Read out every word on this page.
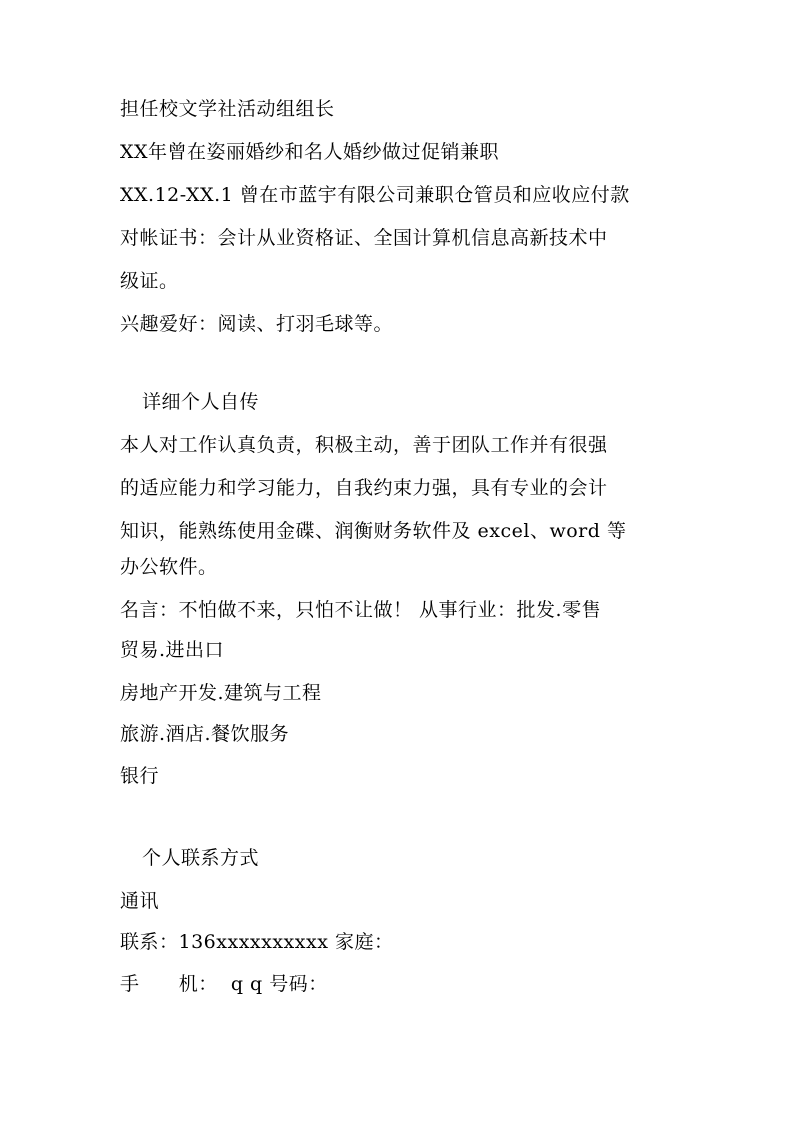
担任校文学社活动组组长
XX年曾在姿丽婚纱和名人婚纱做过促销兼职
XX.12-XX.1 曾在市蓝宇有限公司兼职仓管员和应收应付款
对帐证书：会计从业资格证、全国计算机信息高新技术中
级证。
兴趣爱好：阅读、打羽毛球等。
详细个人自传
本人对工作认真负责，积极主动，善于团队工作并有很强
的适应能力和学习能力，自我约束力强，具有专业的会计
知识，能熟练使用金碟、润衡财务软件及 excel、word 等
办公软件。
名言：不怕做不来，只怕不让做！ 从事行业：批发.零售
贸易.进出口
房地产开发.建筑与工程
旅游.酒店.餐饮服务
银行
个人联系方式
通讯
联系：136xxxxxxxxxx 家庭：
手      机：  q q 号码：
